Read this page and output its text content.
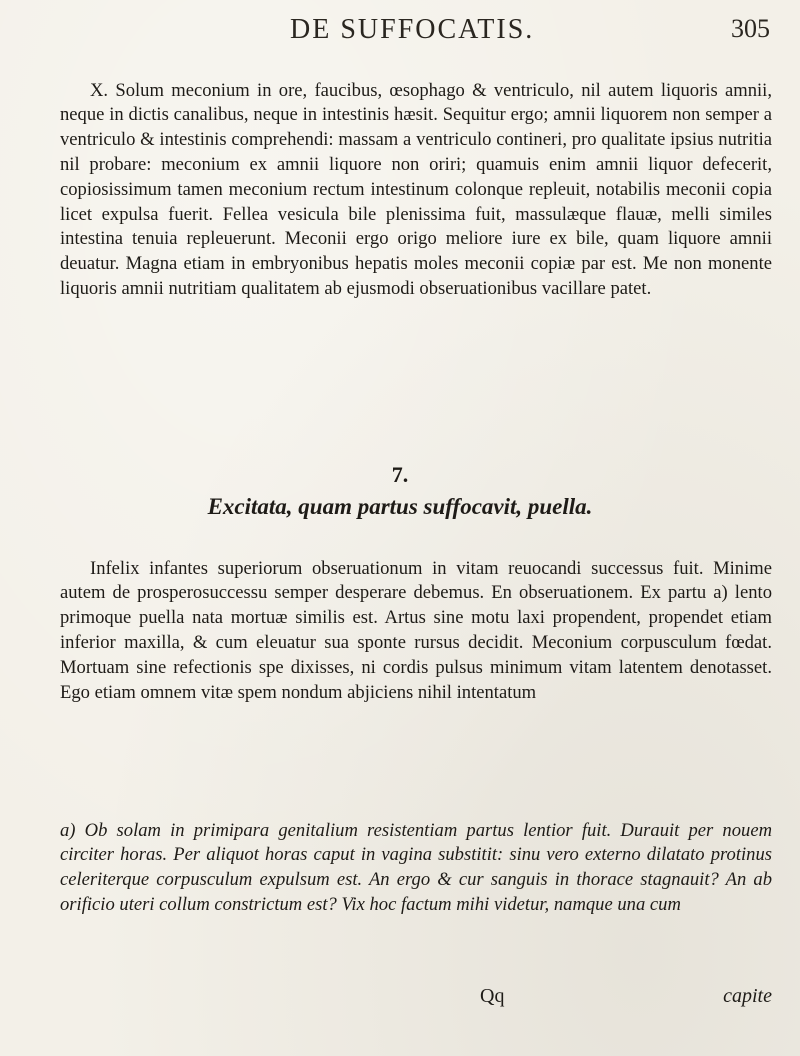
DE SUFFOCATIS.	305

X. Solum meconium in ore, faucibus, œsophago & ventriculo, nil autem liquoris amnii, neque in dictis canalibus, neque in intestinis hæsit. Sequitur ergo; amnii liquorem non semper a ventriculo & intestinis comprehendi: massam a ventriculo contineri, pro qualitate ipsius nutritia nil probare: meconium ex amnii liquore non oriri; quamuis enim amnii liquor defecerit, copiosissimum tamen meconium rectum intestinum colonque repleuit, notabilis meconii copia licet expulsa fuerit. Fellea vesicula bile plenissima fuit, massulæque flauæ, melli similes intestina tenuia repleuerunt. Meconii ergo origo meliore iure ex bile, quam liquore amnii deuatur. Magna etiam in embryonibus hepatis moles meconii copiæ par est. Me non monente liquoris amnii nutritiam qualitatem ab ejusmodi obseruationibus vacillare patet.

7.
Excitata, quam partus suffocavit, puella.

Infelix infantes superiorum obseruationum in vitam reuocandi successus fuit. Minime autem de prosperosuccessu semper desperare debemus. En obseruationem. Ex partu a) lento primoque puella nata mortuæ similis est. Artus sine motu laxi propendent, propendet etiam inferior maxilla, & cum eleuatur sua sponte rursus decidit. Meconium corpusculum fœdat. Mortuam sine refectionis spe dixisses, ni cordis pulsus minimum vitam latentem denotasset. Ego etiam omnem vitæ spem nondum abjiciens nihil intentatum

a) Ob solam in primipara genitalium resistentiam partus lentior fuit. Durauit per nouem circiter horas. Per aliquot horas caput in vagina substitit: sinu vero externo dilatato protinus celeriterque corpusculum expulsum est. An ergo & cur sanguis in thorace stagnauit? An ab orificio uteri collum constrictum est? Vix hoc factum mihi videtur, namque una cum

Qq	capite
